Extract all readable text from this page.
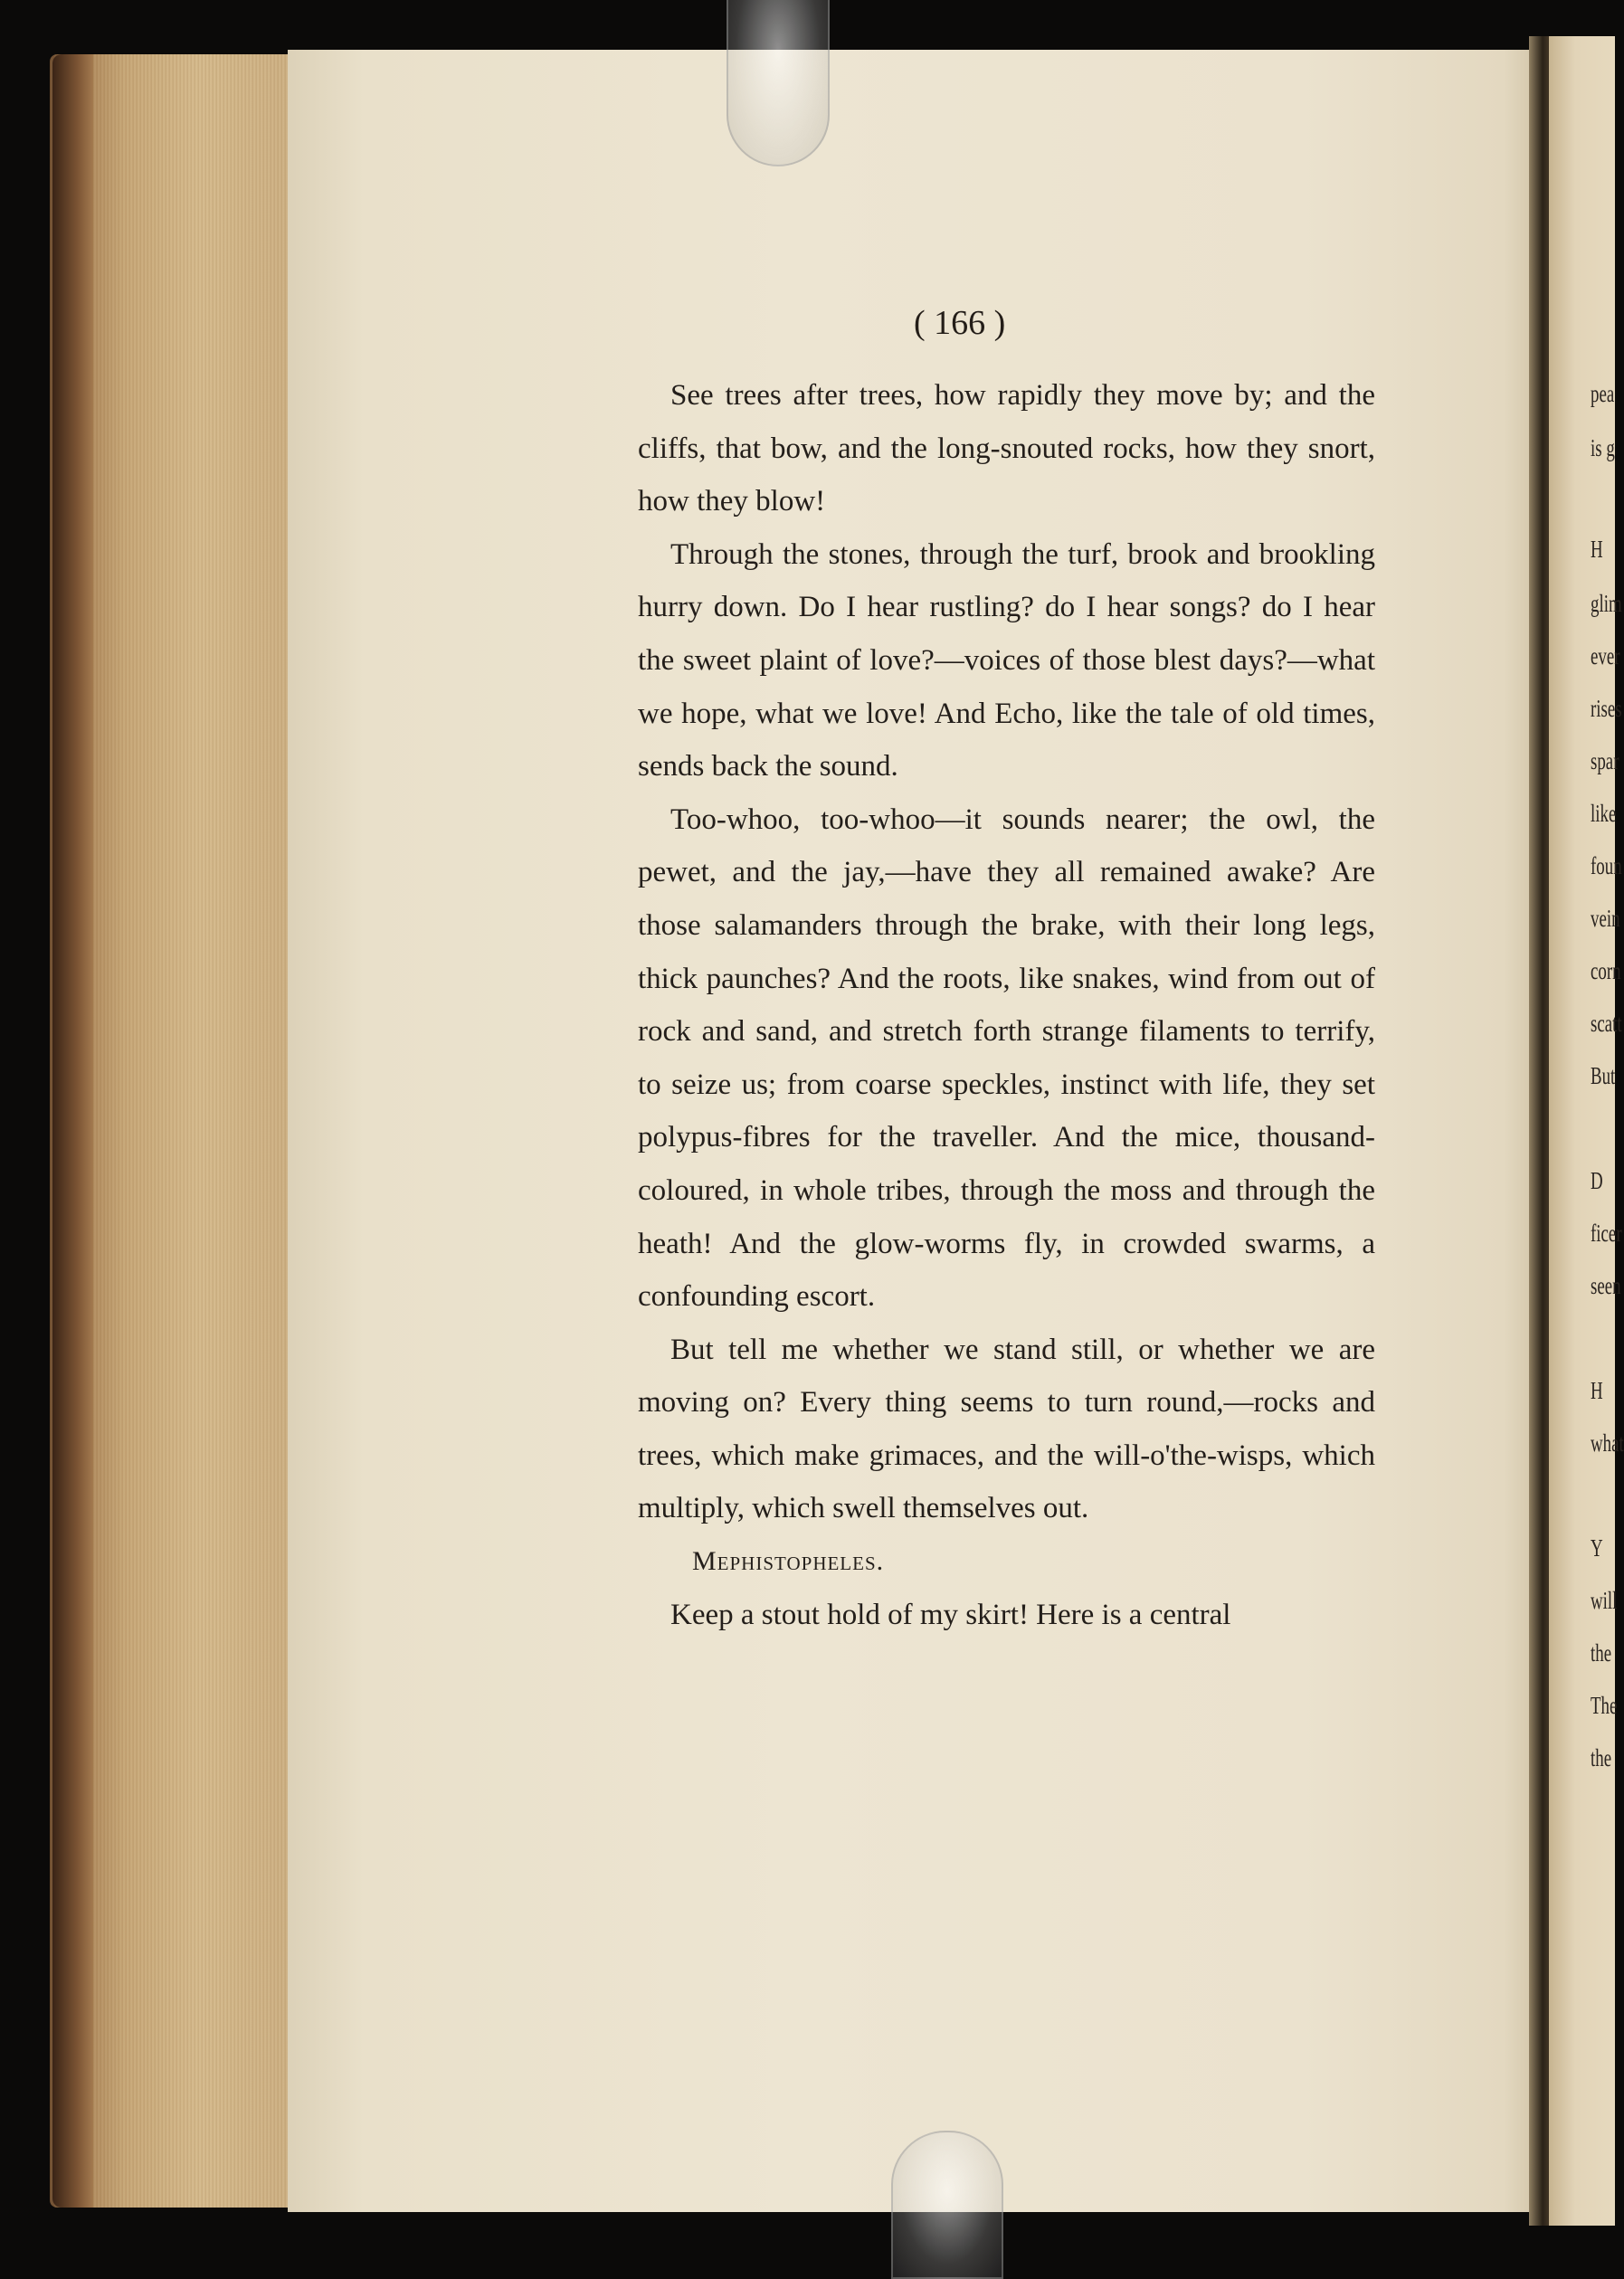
pea
is g
H
glim
ever
rises
spar
like
foun
vein
corn
scatt
But
D
ficer
seen
H
what
Y
will
the
The
the
( 166 )

See trees after trees, how rapidly they move by; and the cliffs, that bow, and the long-snouted rocks, how they snort, how they blow!

Through the stones, through the turf, brook and brookling hurry down. Do I hear rustling? do I hear songs? do I hear the sweet plaint of love?—voices of those blest days?—what we hope, what we love! And Echo, like the tale of old times, sends back the sound.

Too-whoo, too-whoo—it sounds nearer; the owl, the pewet, and the jay,—have they all remained awake? Are those salamanders through the brake, with their long legs, thick paunches? And the roots, like snakes, wind from out of rock and sand, and stretch forth strange filaments to terrify, to seize us; from coarse speckles, instinct with life, they set polypus-fibres for the traveller. And the mice, thousand-coloured, in whole tribes, through the moss and through the heath! And the glow-worms fly, in crowded swarms, a confounding escort.

But tell me whether we stand still, or whether we are moving on? Every thing seems to turn round,—rocks and trees, which make grimaces, and the will-o'the-wisps, which multiply, which swell themselves out.

Mephistopheles.

Keep a stout hold of my skirt! Here is a central
